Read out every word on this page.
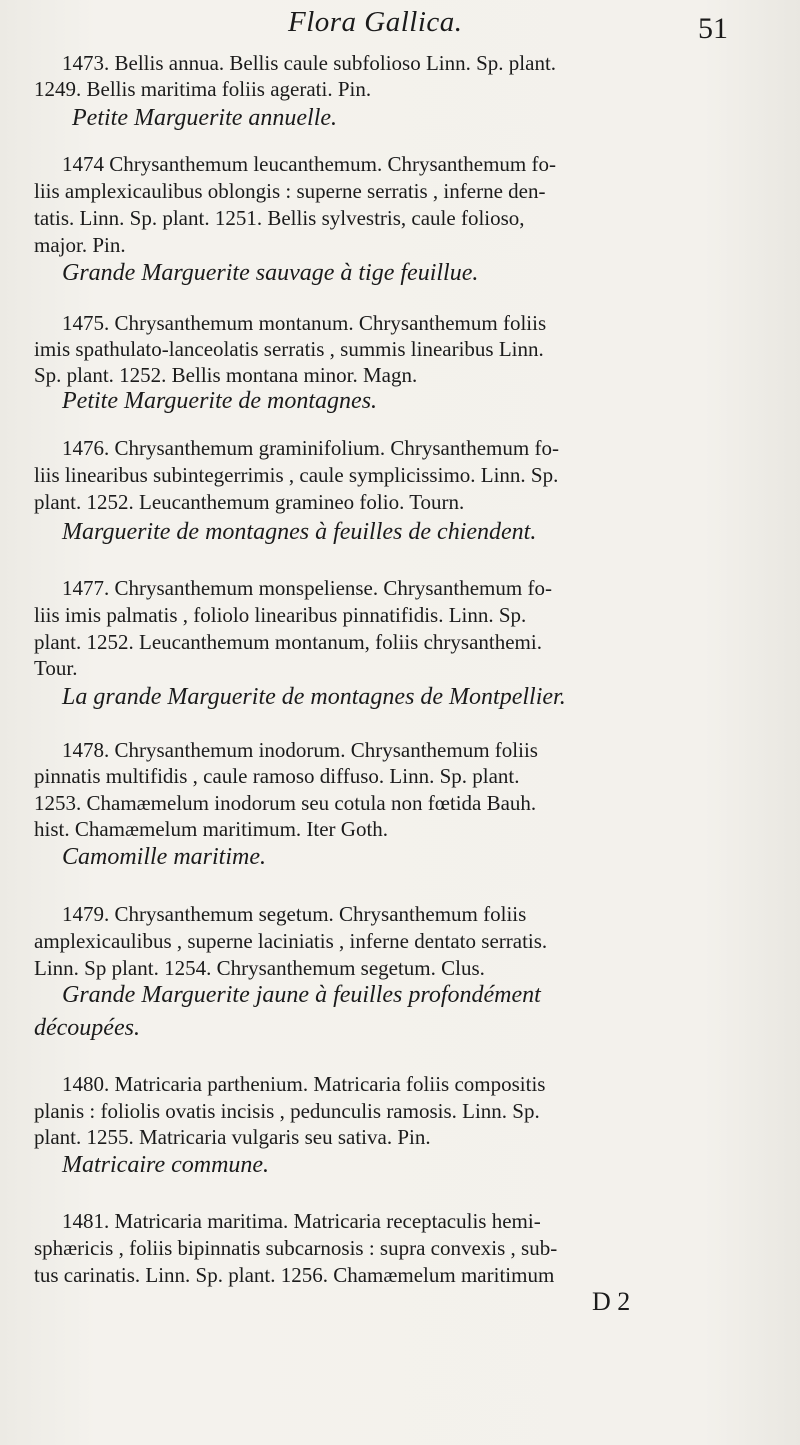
Flora Gallica.	51
1473. Bellis annua. Bellis caule subfolioso Linn. Sp. plant.
1249. Bellis maritima foliis agerati. Pin.
Petite Marguerite annuelle.
1474 Chrysanthemum leucanthemum. Chrysanthemum fo-
liis amplexicaulibus oblongis : superne serratis , inferne den-
tatis. Linn. Sp. plant. 1251. Bellis sylvestris, caule folioso,
major. Pin.
Grande Marguerite sauvage à tige feuillue.
1475. Chrysanthemum montanum. Chrysanthemum foliis
imis spathulato-lanceolatis serratis , summis linearibus Linn.
Sp. plant. 1252. Bellis montana minor. Magn.
Petite Marguerite de montagnes.
1476. Chrysanthemum graminifolium. Chrysanthemum fo-
liis linearibus subintegerrimis , caule symplicissimo. Linn. Sp.
plant. 1252. Leucanthemum gramineo folio. Tourn.
Marguerite de montagnes à feuilles de chiendent.
1477. Chrysanthemum monspeliense. Chrysanthemum fo-
liis imis palmatis , foliolo linearibus pinnatifidis. Linn. Sp.
plant. 1252. Leucanthemum montanum, foliis chrysanthemi.
Tour.
La grande Marguerite de montagnes de Montpellier.
1478. Chrysanthemum inodorum. Chrysanthemum foliis
pinnatis multifidis , caule ramoso diffuso. Linn. Sp. plant.
1253. Chamæmelum inodorum seu cotula non fœtida Bauh.
hist. Chamæmelum maritimum. Iter Goth.
Camomille maritime.
1479. Chrysanthemum segetum. Chrysanthemum foliis
amplexicaulibus , superne laciniatis , inferne dentato serratis.
Linn. Sp plant. 1254. Chrysanthemum segetum. Clus.
Grande Marguerite jaune à feuilles profondément
découpées.
1480. Matricaria parthenium. Matricaria foliis compositis
planis : foliolis ovatis incisis , pedunculis ramosis. Linn. Sp.
plant. 1255. Matricaria vulgaris seu sativa. Pin.
Matricaire commune.
1481. Matricaria maritima. Matricaria receptaculis hemi-
sphæricis , foliis bipinnatis subcarnosis : supra convexis , sub-
tus carinatis. Linn. Sp. plant. 1256. Chamæmelum maritimum
D 2
